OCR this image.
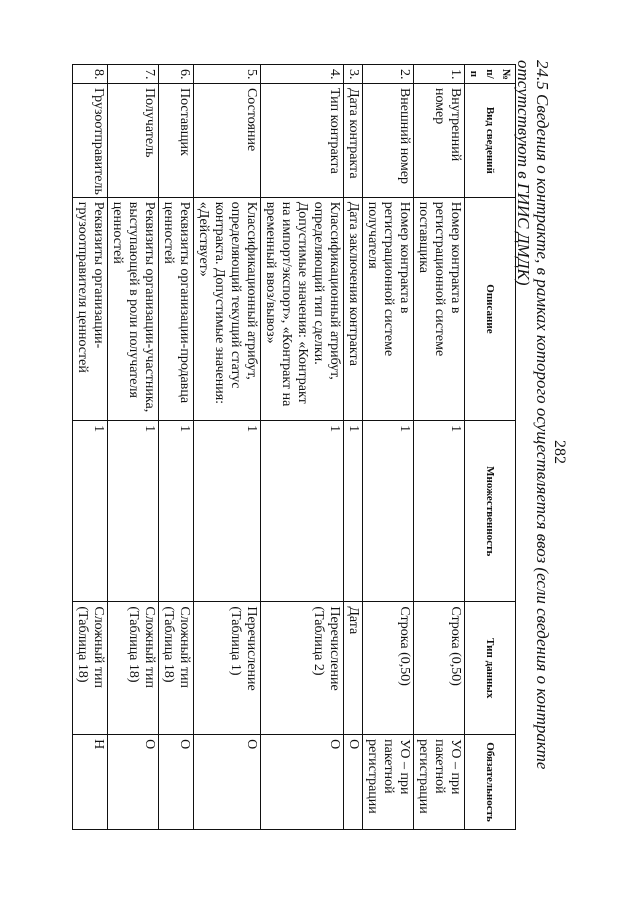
282
24.5 Сведения о контракте, в рамках которого осуществляется ввоз (если сведения о контракте отсутствуют в ГИИС ДМДК)
№ п/п	Вид сведений	Описание	Множественность	Тип данных	Обязательность
1.	Внутренний номер	Номер контракта в регистрационной системе поставщика	1	Строка (0,50)	УО – при пакетной регистрации
2.	Внешний номер	Номер контракта в регистрационной системе получателя	1	Строка (0,50)	УО – при пакетной регистрации
3.	Дата контракта	Дата заключения контракта	1	Дата	О
4.	Тип контракта	Классификационный атрибут, определяющий тип сделки. Допустимые значения: «Контракт на импорт/экспорт», «Контракт на временный ввоз/вывоз»	1	Перечисление (Таблица 2)	О
5.	Состояние	Классификационный атрибут, определяющий текущий статус контракта. Допустимые значения: «Действует»	1	Перечисление (Таблица 1)	О
6.	Поставщик	Реквизиты организации-продавца ценностей	1	Сложный тип (Таблица 18)	О
7.	Получатель	Реквизиты организации-участника, выступающей в роли получателя ценностей	1	Сложный тип (Таблица 18)	О
8.	Грузоотправитель	Реквизиты организации-грузоотправителя ценностей	1	Сложный тип (Таблица 18)	Н
